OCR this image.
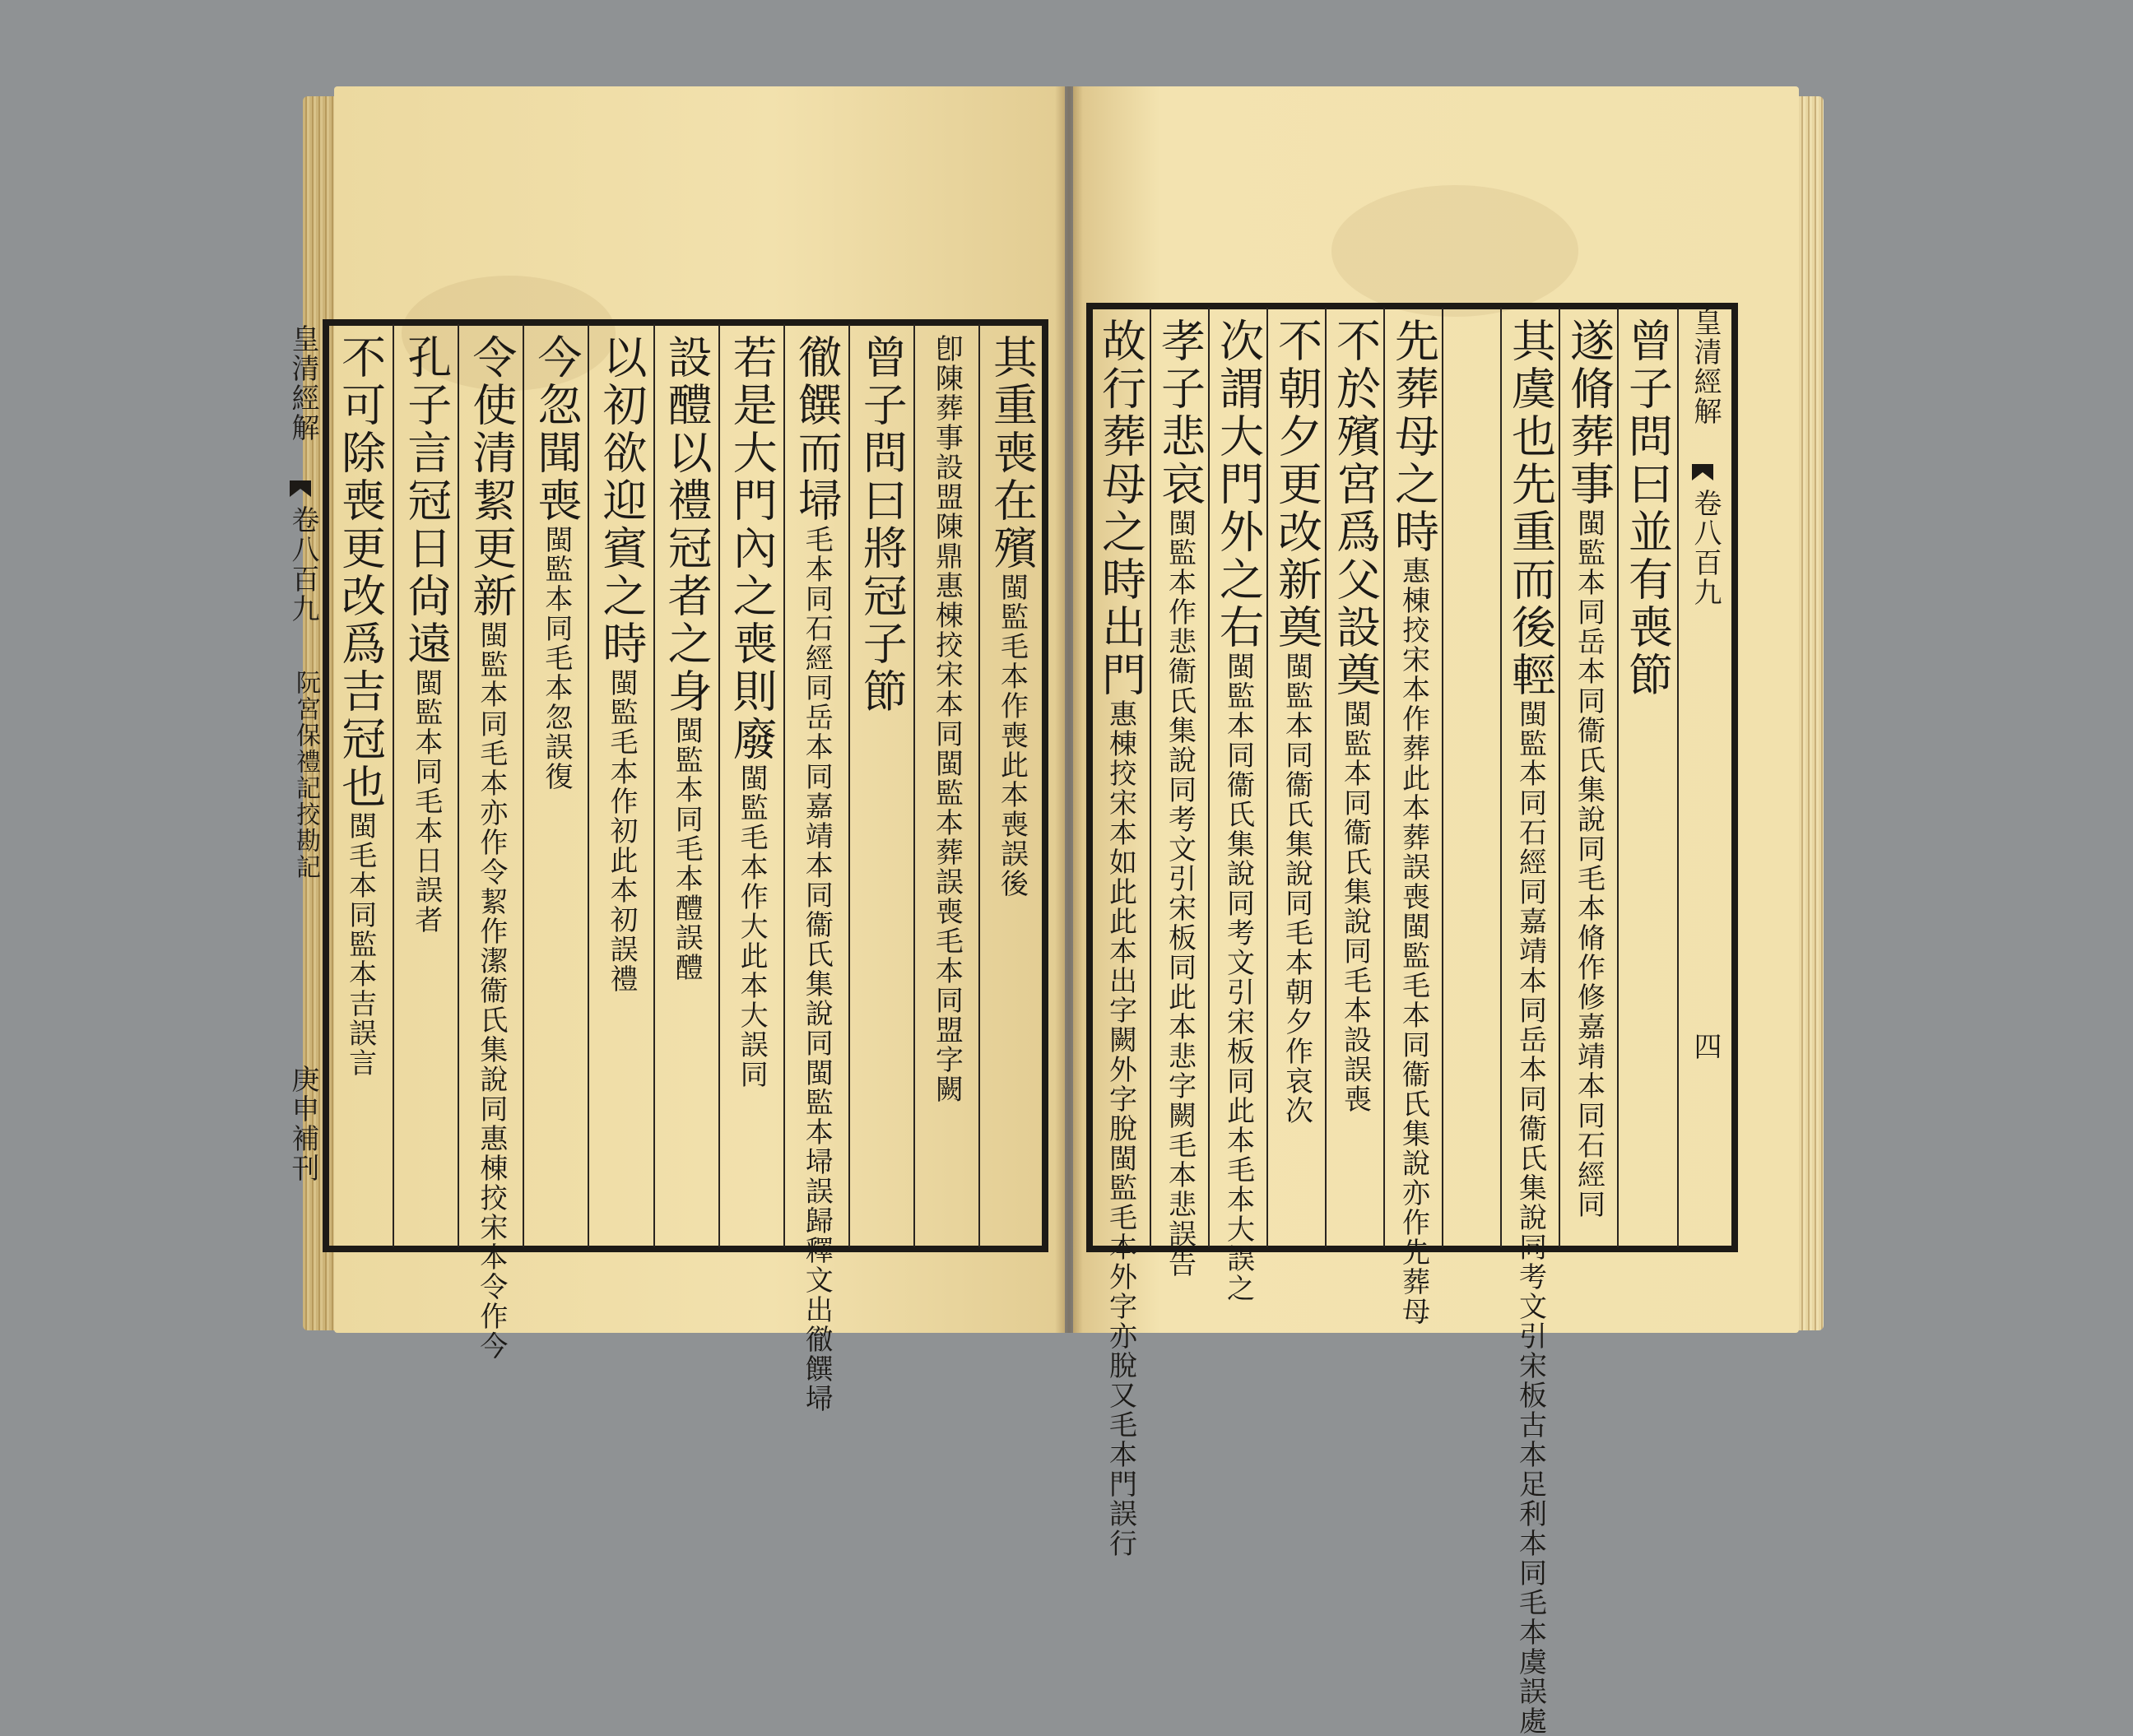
皇清經解
卷八百九
阮宮保禮記挍勘記
庚申補刊
其重喪在殯閩監毛本作喪此本喪誤後
卽陳葬事設盟陳鼎惠棟挍宋本同閩監本葬誤喪毛本同盟字闕
曾子問曰將冠子節
徹饌而埽毛本同石經同岳本同嘉靖本同衞氏集說同閩監本埽誤歸釋文出徹饌埽
若是大門內之喪則廢閩監毛本作大此本大誤同
設醴以禮冠者之身閩監本同毛本醴誤醴
以初欲迎賓之時閩監毛本作初此本初誤禮
今忽聞喪閩監本同毛本忽誤復
令使清絜更新閩監本同毛本亦作令絜作潔衞氏集說同惠棟挍宋本令作今
孔子言冠日尙遠閩監本同毛本日誤者
不可除喪更改爲吉冠也閩毛本同監本吉誤言
曾子問曰並有喪節
遂脩葬事閩監本同岳本同衞氏集說同毛本脩作修嘉靖本同石經同
其虞也先重而後輕閩監本同石經同嘉靖本同岳本同衞氏集說同考文引宋板古本足利本同毛本虞誤處
先葬母之時惠棟挍宋本作葬此本葬誤喪閩監毛本同衞氏集說亦作先葬母
不於殯宮爲父設奠閩監本同衞氏集說同毛本設誤喪
不朝夕更改新奠閩監本同衞氏集說同毛本朝夕作哀次
次謂大門外之右閩監本同衞氏集說同考文引宋板同此本毛本大誤之
孝子悲哀閩監本作悲衞氏集說同考文引宋板同此本悲字闕毛本悲誤告
故行葬母之時出門惠棟挍宋本如此此本出字闕外字脫閩監毛本外字亦脫又毛本門誤行
皇清經解
卷八百九
四
